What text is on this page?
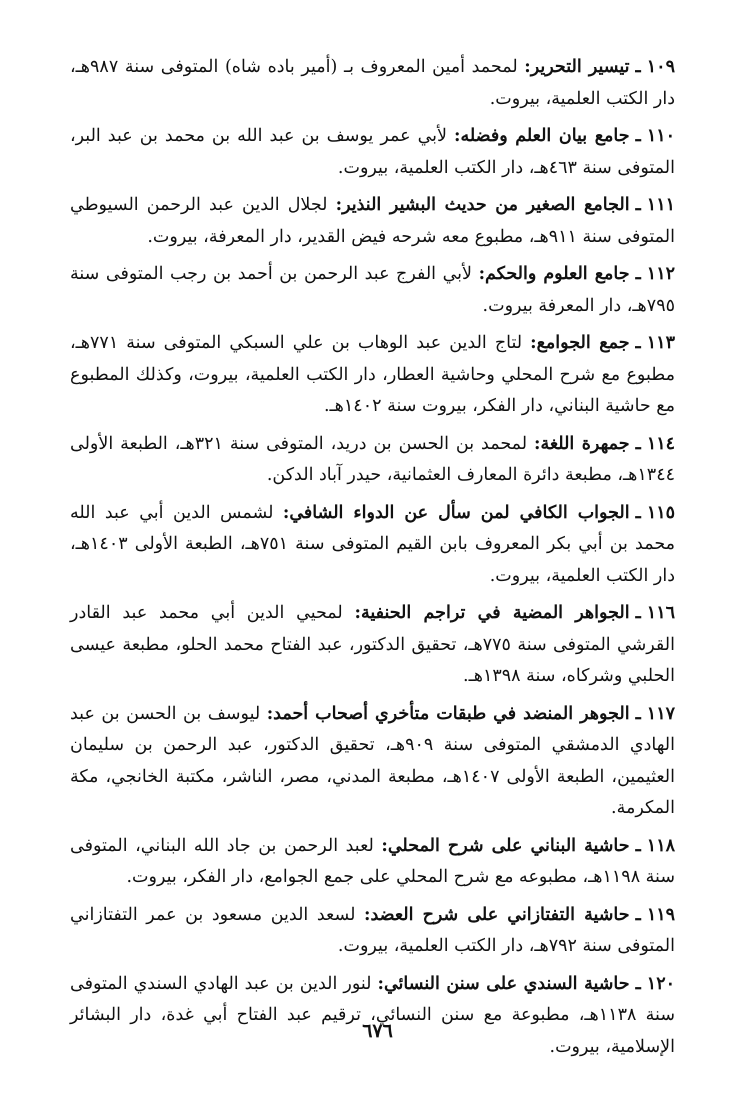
١٠٩ ـتيسير التحرير: لمحمد أمين المعروف بـ (أمير باده شاه) المتوفى سنة ٩٨٧هـ، دار الكتب العلمية، بيروت.
١١٠ ـجامع بيان العلم وفضله: لأبي عمر يوسف بن عبد الله بن محمد بن عبد البر، المتوفى سنة ٤٦٣هـ، دار الكتب العلمية، بيروت.
١١١ ـالجامع الصغير من حديث البشير النذير: لجلال الدين عبد الرحمن السيوطي المتوفى سنة ٩١١هـ، مطبوع معه شرحه فيض القدير، دار المعرفة، بيروت.
١١٢ ـجامع العلوم والحكم: لأبي الفرج عبد الرحمن بن أحمد بن رجب المتوفى سنة ٧٩٥هـ، دار المعرفة بيروت.
١١٣ ـجمع الجوامع: لتاج الدين عبد الوهاب بن علي السبكي المتوفى سنة ٧٧١هـ، مطبوع مع شرح المحلي وحاشية العطار، دار الكتب العلمية، بيروت، وكذلك المطبوع مع حاشية البناني، دار الفكر، بيروت سنة ١٤٠٢هـ.
١١٤ ـجمهرة اللغة: لمحمد بن الحسن بن دريد، المتوفى سنة ٣٢١هـ، الطبعة الأولى ١٣٤٤هـ، مطبعة دائرة المعارف العثمانية، حيدر آباد الدكن.
١١٥ ـالجواب الكافي لمن سأل عن الدواء الشافي: لشمس الدين أبي عبد الله محمد بن أبي بكر المعروف بابن القيم المتوفى سنة ٧٥١هـ، الطبعة الأولى ١٤٠٣هـ، دار الكتب العلمية، بيروت.
١١٦ ـالجواهر المضية في تراجم الحنفية: لمحيي الدين أبي محمد عبد القادر القرشي المتوفى سنة ٧٧٥هـ، تحقيق الدكتور، عبد الفتاح محمد الحلو، مطبعة عيسى الحلبي وشركاه، سنة ١٣٩٨هـ.
١١٧ ـالجوهر المنضد في طبقات متأخري أصحاب أحمد: ليوسف بن الحسن بن عبد الهادي الدمشقي المتوفى سنة ٩٠٩هـ، تحقيق الدكتور، عبد الرحمن بن سليمان العثيمين، الطبعة الأولى ١٤٠٧هـ، مطبعة المدني، مصر، الناشر، مكتبة الخانجي، مكة المكرمة.
١١٨ ـحاشية البناني على شرح المحلي: لعبد الرحمن بن جاد الله البناني، المتوفى سنة ١١٩٨هـ، مطبوعه مع شرح المحلي على جمع الجوامع، دار الفكر، بيروت.
١١٩ ـحاشية التفتازاني على شرح العضد: لسعد الدين مسعود بن عمر التفتازاني المتوفى سنة ٧٩٢هـ، دار الكتب العلمية، بيروت.
١٢٠ ـحاشية السندي على سنن النسائي: لنور الدين بن عبد الهادي السندي المتوفى سنة ١١٣٨هـ، مطبوعة مع سنن النسائي، ترقيم عبد الفتاح أبي غدة، دار البشائر الإسلامية، بيروت.
٦٧٦
